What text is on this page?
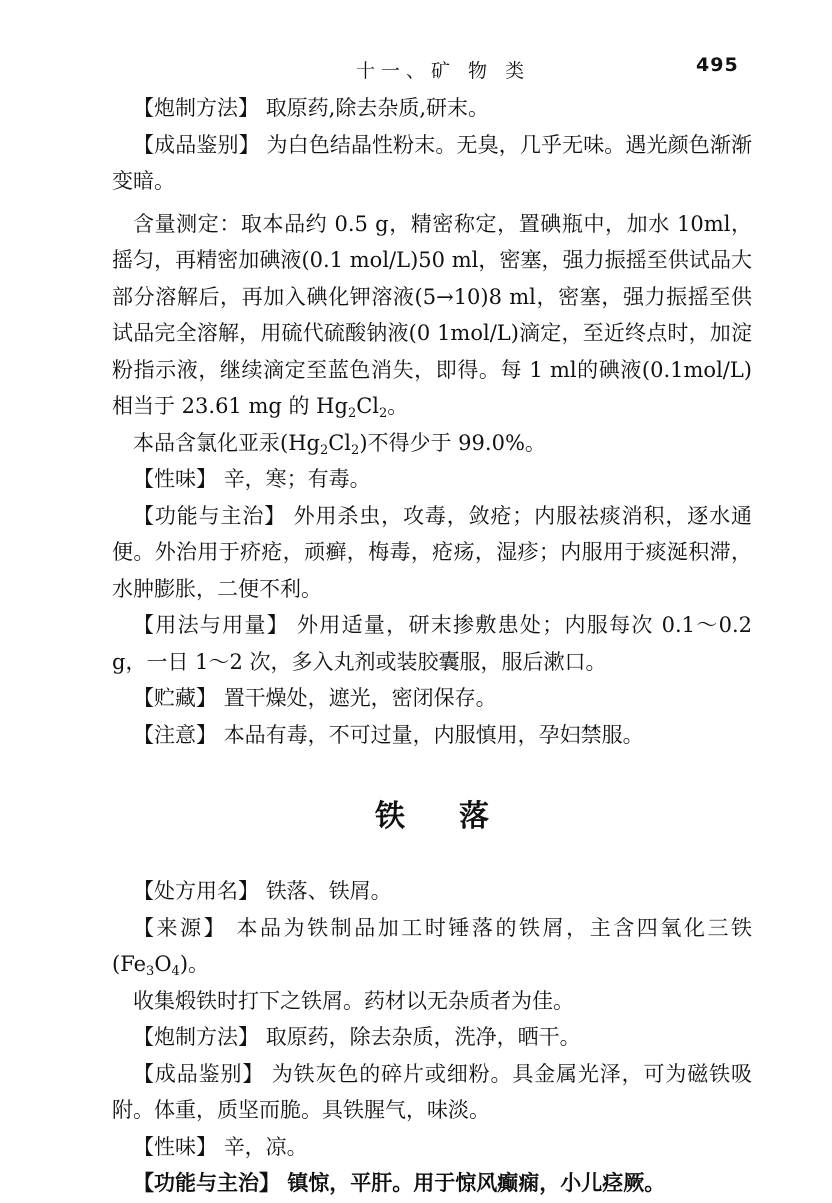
十一、矿 物 类	495

【炮制方法】 取原药,除去杂质,研末。

【成品鉴别】 为白色结晶性粉末。无臭，几乎无味。遇光颜色渐渐变暗。

含量测定：取本品约 0.5 g，精密称定，置碘瓶中，加水 10ml，摇匀，再精密加碘液(0.1 mol/L)50 ml，密塞，强力振摇至供试品大部分溶解后，再加入碘化钾溶液(5→10)8 ml，密塞，强力振摇至供试品完全溶解，用硫代硫酸钠液(0 1mol/L)滴定，至近终点时，加淀粉指示液，继续滴定至蓝色消失，即得。每 1 ml的碘液(0.1mol/L)相当于 23.61 mg 的 $Hg_2Cl_2$。

本品含氯化亚汞$(Hg_2Cl_2)$不得少于 99.0%。

【性味】 辛，寒；有毒。

【功能与主治】 外用杀虫，攻毒，敛疮；内服祛痰消积，逐水通便。外治用于疥疮，顽癣，梅毒，疮疡，湿疹；内服用于痰涎积滞，水肿膨胀，二便不利。

【用法与用量】 外用适量，研末掺敷患处；内服每次 0.1～0.2 g，一日 1～2 次，多入丸剂或装胶囊服，服后漱口。

【贮藏】 置干燥处，遮光，密闭保存。

【注意】 本品有毒，不可过量，内服慎用，孕妇禁服。

铁落

【处方用名】 铁落、铁屑。

【来源】 本品为铁制品加工时锤落的铁屑，主含四氧化三铁$(Fe_3O_4)$。

收集煅铁时打下之铁屑。药材以无杂质者为佳。

【炮制方法】 取原药，除去杂质，洗净，晒干。

【成品鉴别】 为铁灰色的碎片或细粉。具金属光泽，可为磁铁吸附。体重，质坚而脆。具铁腥气，味淡。

【性味】 辛，凉。

【功能与主治】 镇惊，平肝。用于惊风癫痫，小儿痉厥。
